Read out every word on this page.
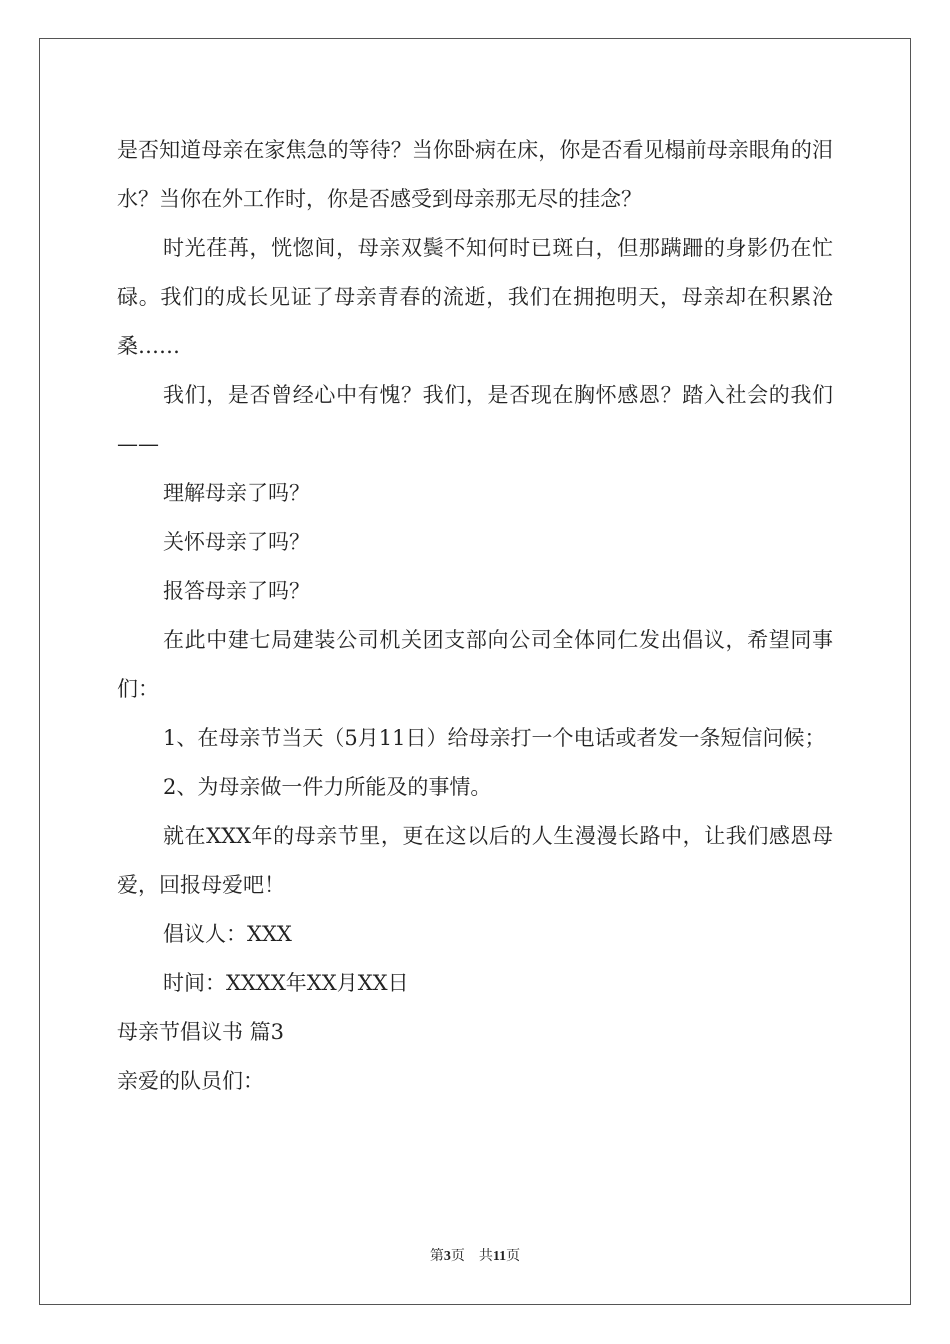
是否知道母亲在家焦急的等待？当你卧病在床，你是否看见榻前母亲眼角的泪水？当你在外工作时，你是否感受到母亲那无尽的挂念？

时光荏苒，恍惚间，母亲双鬓不知何时已斑白，但那蹒跚的身影仍在忙碌。我们的成长见证了母亲青春的流逝，我们在拥抱明天，母亲却在积累沧桑……

我们，是否曾经心中有愧？我们，是否现在胸怀感恩？踏入社会的我们——

理解母亲了吗？

关怀母亲了吗？

报答母亲了吗？

在此中建七局建装公司机关团支部向公司全体同仁发出倡议，希望同事们：

1、在母亲节当天（5月11日）给母亲打一个电话或者发一条短信问候；

2、为母亲做一件力所能及的事情。

就在XXX年的母亲节里，更在这以后的人生漫漫长路中，让我们感恩母爱，回报母爱吧！

倡议人：XXX

时间：XXXX年XX月XX日

母亲节倡议书 篇3

亲爱的队员们：

第3页 共11页
